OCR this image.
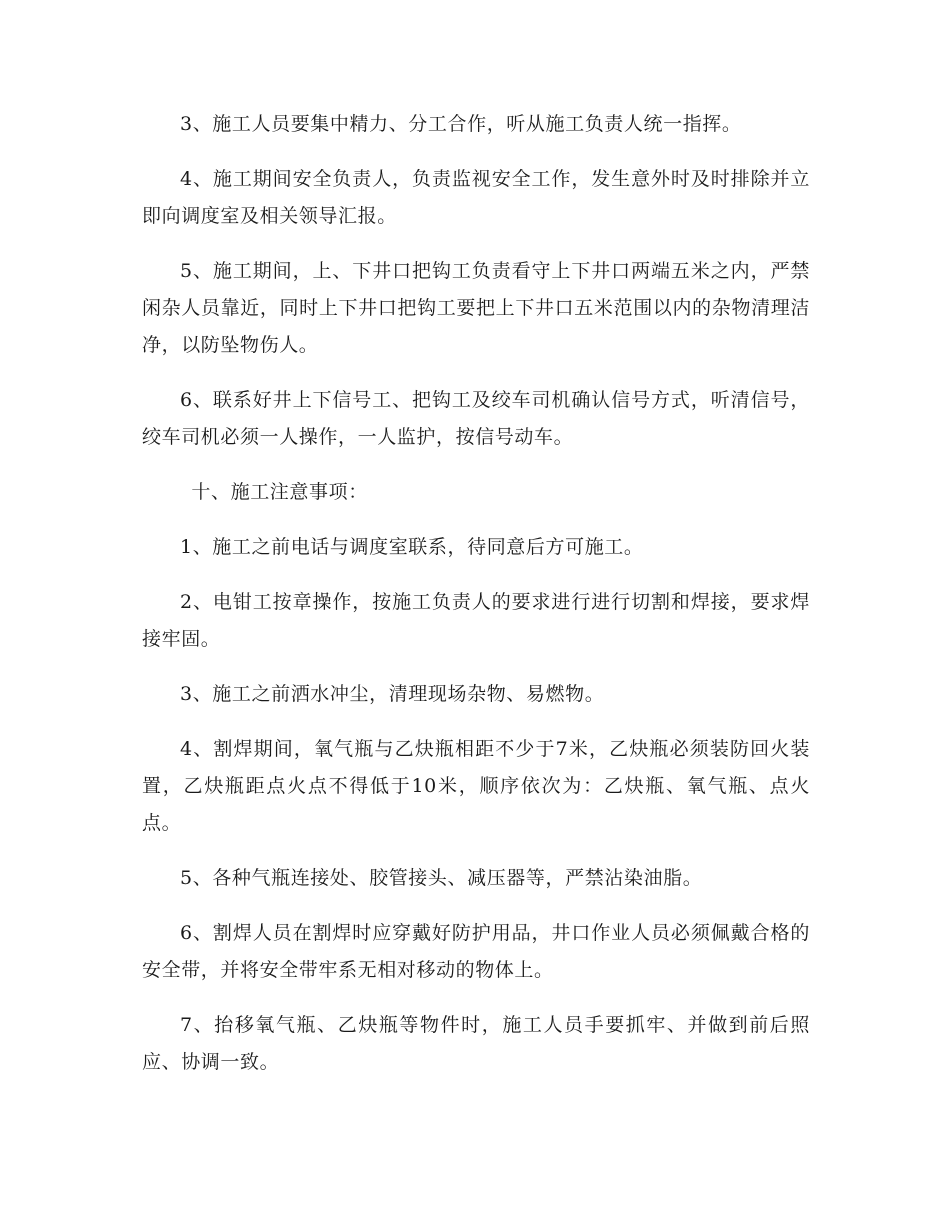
3、施工人员要集中精力、分工合作，听从施工负责人统一指挥。

4、施工期间安全负责人，负责监视安全工作，发生意外时及时排除并立即向调度室及相关领导汇报。

5、施工期间，上、下井口把钩工负责看守上下井口两端五米之内，严禁闲杂人员靠近，同时上下井口把钩工要把上下井口五米范围以内的杂物清理洁净，以防坠物伤人。

6、联系好井上下信号工、把钩工及绞车司机确认信号方式，听清信号，绞车司机必须一人操作，一人监护，按信号动车。

十、施工注意事项：

1、施工之前电话与调度室联系，待同意后方可施工。

2、电钳工按章操作，按施工负责人的要求进行进行切割和焊接，要求焊接牢固。

3、施工之前洒水冲尘，清理现场杂物、易燃物。

4、割焊期间，氧气瓶与乙炔瓶相距不少于7米，乙炔瓶必须装防回火装置，乙炔瓶距点火点不得低于10米，顺序依次为：乙炔瓶、氧气瓶、点火点。

5、各种气瓶连接处、胶管接头、减压器等，严禁沾染油脂。

6、割焊人员在割焊时应穿戴好防护用品，井口作业人员必须佩戴合格的安全带，并将安全带牢系无相对移动的物体上。

7、抬移氧气瓶、乙炔瓶等物件时，施工人员手要抓牢、并做到前后照应、协调一致。
